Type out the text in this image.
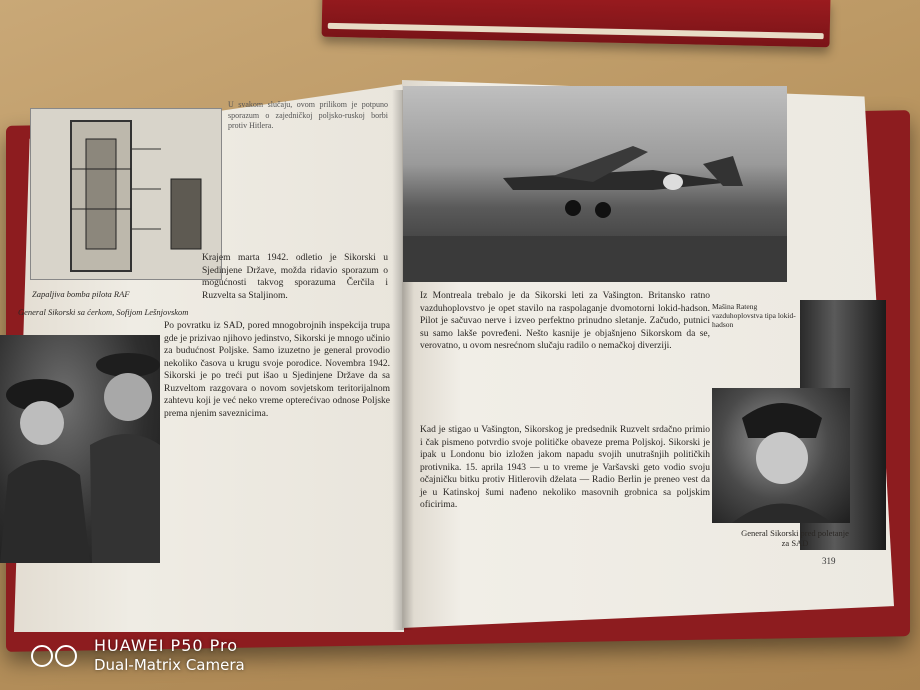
Zapaljiva bomba pilota RAF
General Sikorski sa ćerkom, Sofijom Lešnjovskom
U svakom slučaju, ovom prilikom je potpuno sporazum o zajedničkoj poljsko-ruskoj borbi protiv Hitlera.
Krajem marta 1942. odletio je Sikorski u Sjedinjene Države, možda ridavio sporazum o mogućnosti takvog sporazuma Čerčila i Ruzvelta sa Staljinom.
Po povratku iz SAD, pored mnogobrojnih inspekcija trupa gde je prizivao njihovo jedinstvo, Sikorski je mnogo učinio za budućnost Poljske. Samo izuzetno je general provodio nekoliko časova u krugu svoje porodice. Novembra 1942. Sikorski je po treći put išao u Sjedinjene Države da sa Ruzveltom razgovara o novom sovjetskom teritorijalnom zahtevu koji je već neko vreme opterećivao odnose Poljske prema njenim saveznicima.
Mašina Rateng vazduhoplovstva tipa lokid-hadson
General Sikorski pred poletanje za SAD
Iz Montreala trebalo je da Sikorski leti za Vašington. Britansko ratno vazduhoplovstvo je opet stavilo na raspolaganje dvomotorni lokid-hadson. Pilot je sačuvao nerve i izveo perfektno prinudno sletanje. Začudo, putnici su samo lakše povređeni. Nešto kasnije je objašnjeno Sikorskom da se, verovatno, u ovom nesrećnom slučaju radilo o nemačkoj diverziji.
Kad je stigao u Vašington, Sikorskog je predsednik Ruzvelt srdačno primio i čak pismeno potvrdio svoje političke obaveze prema Poljskoj. Sikorski je ipak u Londonu bio izložen jakom napadu svojih unutrašnjih političkih protivnika. 15. aprila 1943 — u to vreme je Varšavski geto vodio svoju očajničku bitku protiv Hitlerovih dželata — Radio Berlin je preneo vest da je u Katinskoj šumi nađeno nekoliko masovnih grobnica sa poljskim oficirima.
319
HUAWEI P50 Pro
Dual-Matrix Camera
